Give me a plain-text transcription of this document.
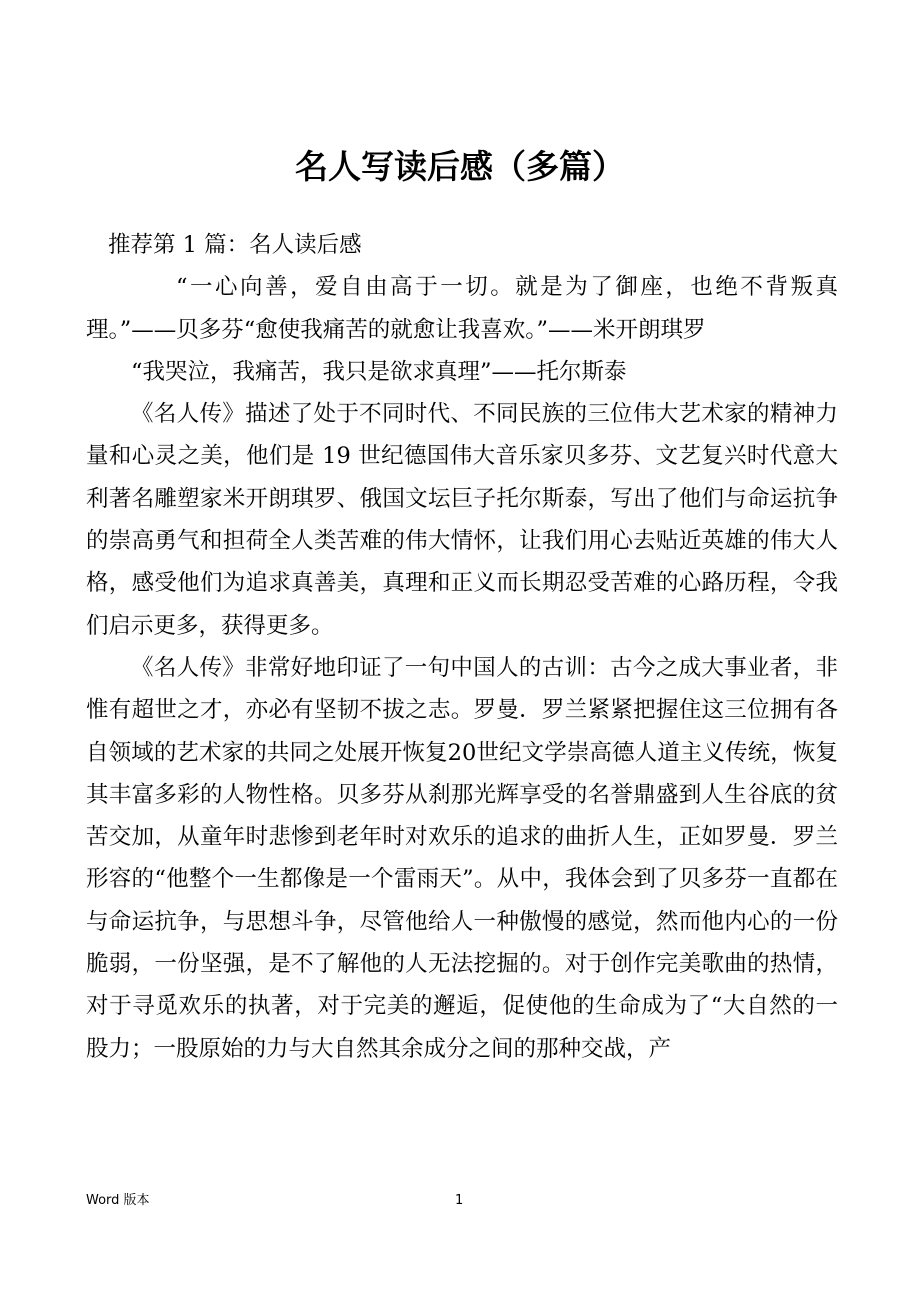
名人写读后感（多篇）

推荐第 1 篇：名人读后感

“一心向善，爱自由高于一切。就是为了御座，也绝不背叛真理。”——贝多芬“愈使我痛苦的就愈让我喜欢。”——米开朗琪罗

“我哭泣，我痛苦，我只是欲求真理”——托尔斯泰

《名人传》描述了处于不同时代、不同民族的三位伟大艺术家的精神力量和心灵之美，他们是 19 世纪德国伟大音乐家贝多芬、文艺复兴时代意大利著名雕塑家米开朗琪罗、俄国文坛巨子托尔斯泰，写出了他们与命运抗争的崇高勇气和担荷全人类苦难的伟大情怀，让我们用心去贴近英雄的伟大人格，感受他们为追求真善美，真理和正义而长期忍受苦难的心路历程，令我们启示更多，获得更多。

《名人传》非常好地印证了一句中国人的古训：古今之成大事业者，非惟有超世之才，亦必有坚韧不拔之志。罗曼．罗兰紧紧把握住这三位拥有各自领域的艺术家的共同之处展开恢复20世纪文学崇高德人道主义传统，恢复其丰富多彩的人物性格。贝多芬从刹那光辉享受的名誉鼎盛到人生谷底的贫苦交加，从童年时悲惨到老年时对欢乐的追求的曲折人生，正如罗曼．罗兰形容的“他整个一生都像是一个雷雨天”。从中，我体会到了贝多芬一直都在与命运抗争，与思想斗争，尽管他给人一种傲慢的感觉，然而他内心的一份脆弱，一份坚强，是不了解他的人无法挖掘的。对于创作完美歌曲的热情，对于寻觅欢乐的执著，对于完美的邂逅，促使他的生命成为了“大自然的一股力；一股原始的力与大自然其余成分之间的那种交战，产

Word 版本	1
